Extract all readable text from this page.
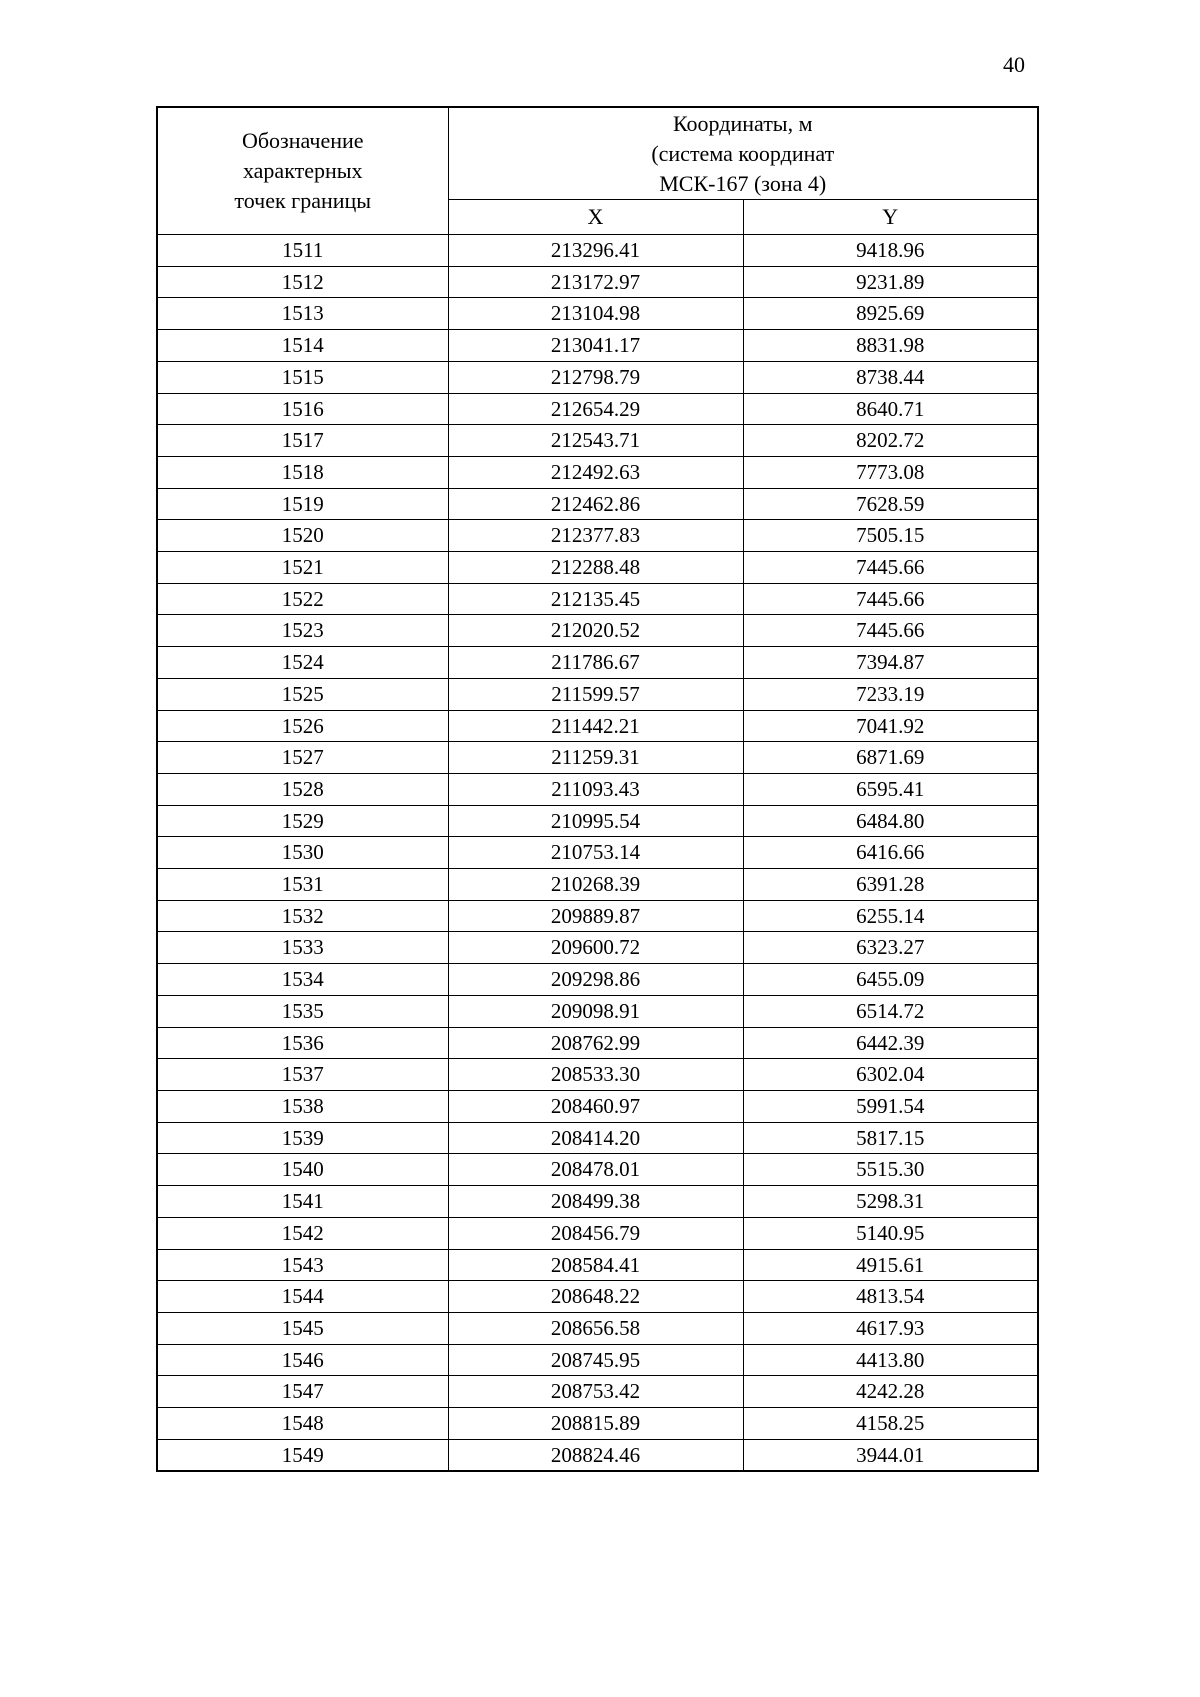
40
Обозначение
характерных
точек границы

Координаты, м
(система координат
МСК-167 (зона 4)

	X	Y
1511	213296.41	9418.96
1512	213172.97	9231.89
1513	213104.98	8925.69
1514	213041.17	8831.98
1515	212798.79	8738.44
1516	212654.29	8640.71
1517	212543.71	8202.72
1518	212492.63	7773.08
1519	212462.86	7628.59
1520	212377.83	7505.15
1521	212288.48	7445.66
1522	212135.45	7445.66
1523	212020.52	7445.66
1524	211786.67	7394.87
1525	211599.57	7233.19
1526	211442.21	7041.92
1527	211259.31	6871.69
1528	211093.43	6595.41
1529	210995.54	6484.80
1530	210753.14	6416.66
1531	210268.39	6391.28
1532	209889.87	6255.14
1533	209600.72	6323.27
1534	209298.86	6455.09
1535	209098.91	6514.72
1536	208762.99	6442.39
1537	208533.30	6302.04
1538	208460.97	5991.54
1539	208414.20	5817.15
1540	208478.01	5515.30
1541	208499.38	5298.31
1542	208456.79	5140.95
1543	208584.41	4915.61
1544	208648.22	4813.54
1545	208656.58	4617.93
1546	208745.95	4413.80
1547	208753.42	4242.28
1548	208815.89	4158.25
1549	208824.46	3944.01
